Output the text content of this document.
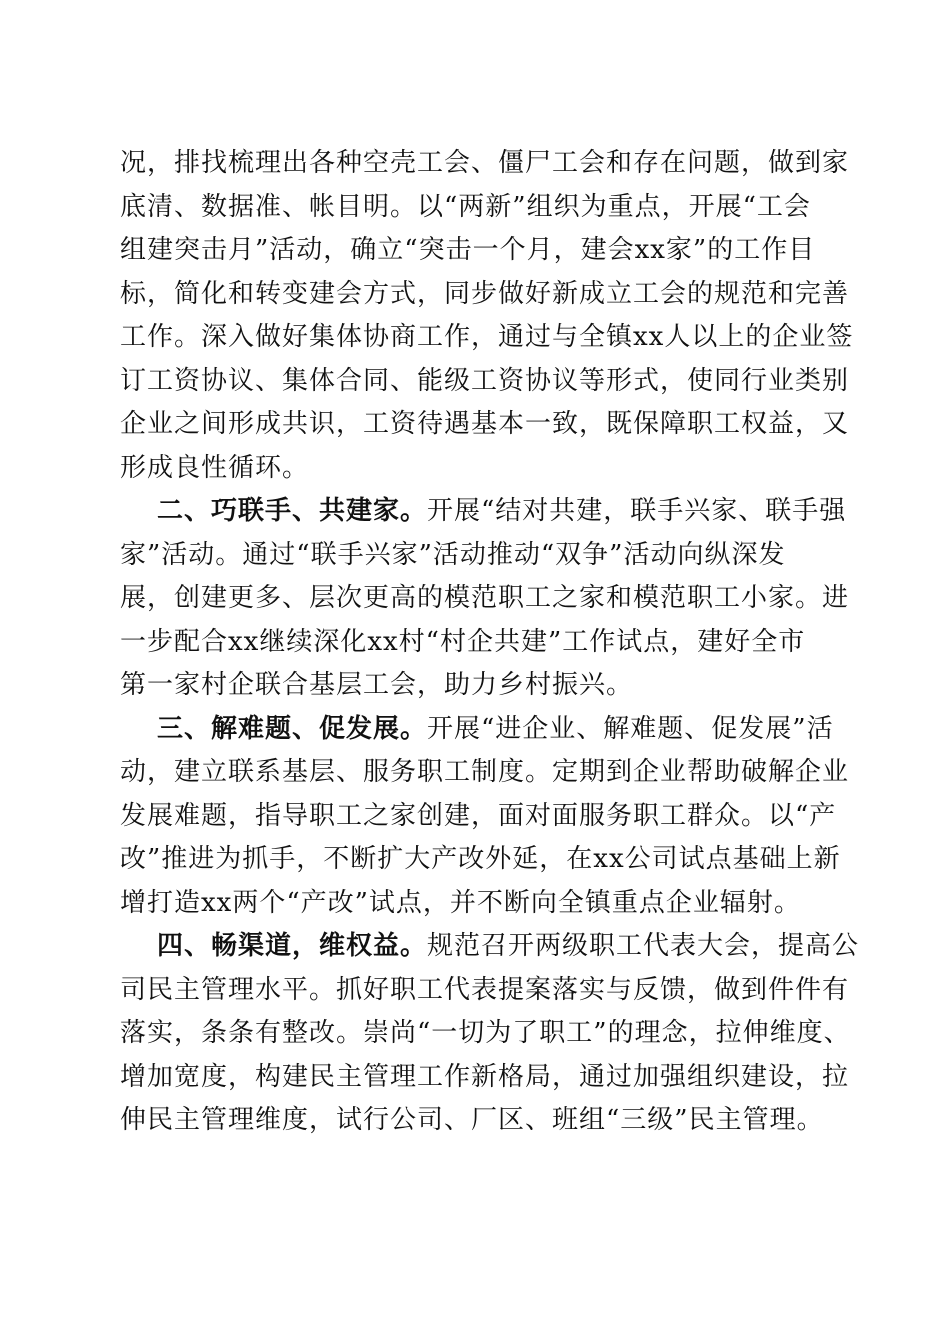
况，排找梳理出各种空壳工会、僵尸工会和存在问题，做到家
底清、数据准、帐目明。以“两新”组织为重点，开展“工会
组建突击月”活动，确立“突击一个月，建会xx家”的工作目
标，简化和转变建会方式，同步做好新成立工会的规范和完善
工作。深入做好集体协商工作，通过与全镇xx人以上的企业签
订工资协议、集体合同、能级工资协议等形式，使同行业类别
企业之间形成共识，工资待遇基本一致，既保障职工权益，又
形成良性循环。

二、巧联手、共建家。开展“结对共建，联手兴家、联手强
家”活动。通过“联手兴家”活动推动“双争”活动向纵深发
展，创建更多、层次更高的模范职工之家和模范职工小家。进
一步配合xx继续深化xx村“村企共建”工作试点，建好全市
第一家村企联合基层工会，助力乡村振兴。

三、解难题、促发展。开展“进企业、解难题、促发展”活
动，建立联系基层、服务职工制度。定期到企业帮助破解企业
发展难题，指导职工之家创建，面对面服务职工群众。以“产
改”推进为抓手，不断扩大产改外延，在xx公司试点基础上新
增打造xx两个“产改”试点，并不断向全镇重点企业辐射。

四、畅渠道，维权益。规范召开两级职工代表大会，提高公
司民主管理水平。抓好职工代表提案落实与反馈，做到件件有
落实，条条有整改。崇尚“一切为了职工”的理念，拉伸维度、
增加宽度，构建民主管理工作新格局，通过加强组织建设，拉
伸民主管理维度，试行公司、厂区、班组“三级”民主管理。
